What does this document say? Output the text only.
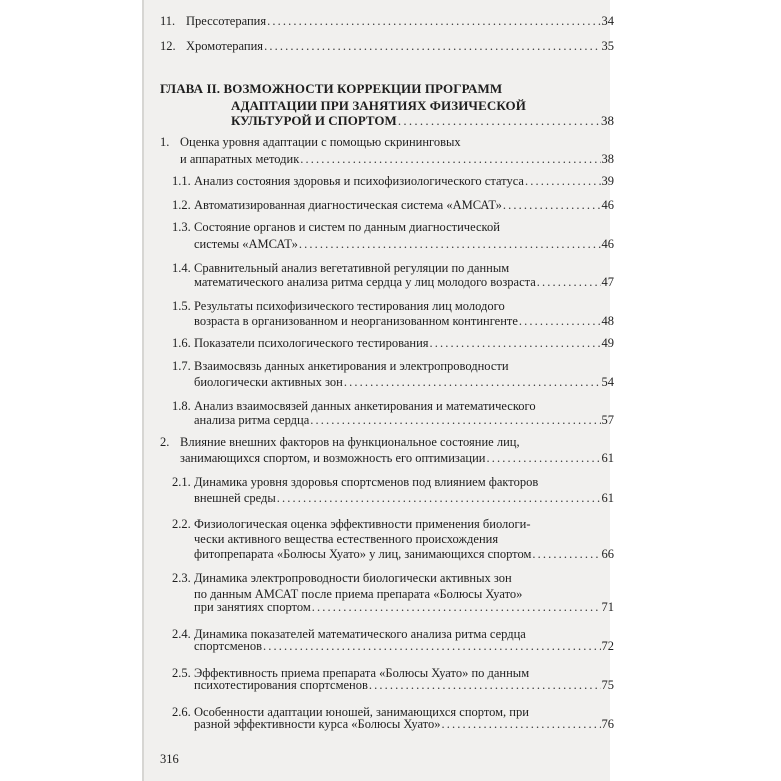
11. Прессотерапия . . .	34
12. Хромотерапия . . .	35
ГЛАВА II. ВОЗМОЖНОСТИ КОРРЕКЦИИ ПРОГРАММ
АДАПТАЦИИ ПРИ ЗАНЯТИЯХ ФИЗИЧЕСКОЙ
КУЛЬТУРОЙ И СПОРТОМ . . .	38
1. Оценка уровня адаптации с помощью скрининговых
и аппаратных методик . . .	38
1.1. Анализ состояния здоровья и психофизиологического статуса . . .	39
1.2. Автоматизированная диагностическая система «АМСАТ» . . .	46
1.3. Состояние органов и систем по данным диагностической
системы «АМСАТ» . . .	46
1.4. Сравнительный анализ вегетативной регуляции по данным
математического анализа ритма сердца у лиц молодого возраста . . .	47
1.5. Результаты психофизического тестирования лиц молодого
возраста в организованном и неорганизованном контингенте . . .	48
1.6. Показатели психологического тестирования . . .	49
1.7. Взаимосвязь данных анкетирования и электропроводности
биологически активных зон . . .	54
1.8. Анализ взаимосвязей данных анкетирования и математического
анализа ритма сердца . . .	57
2. Влияние внешних факторов на функциональное состояние лиц,
занимающихся спортом, и возможность его оптимизации . . .	61
2.1. Динамика уровня здоровья спортсменов под влиянием факторов
внешней среды . . .	61
2.2. Физиологическая оценка эффективности применения биологи-
чески активного вещества естественного происхождения
фитопрепарата «Болюсы Хуато» у лиц, занимающихся спортом . . .	66
2.3. Динамика электропроводности биологически активных зон
по данным АМСАТ после приема препарата «Болюсы Хуато»
при занятиях спортом . . .	71
2.4. Динамика показателей математического анализа ритма сердца
спортсменов . . .	72
2.5. Эффективность приема препарата «Болюсы Хуато» по данным
психотестирования спортсменов . . .	75
2.6. Особенности адаптации юношей, занимающихся спортом, при
разной эффективности курса «Болюсы Хуато» . . .	76
316
